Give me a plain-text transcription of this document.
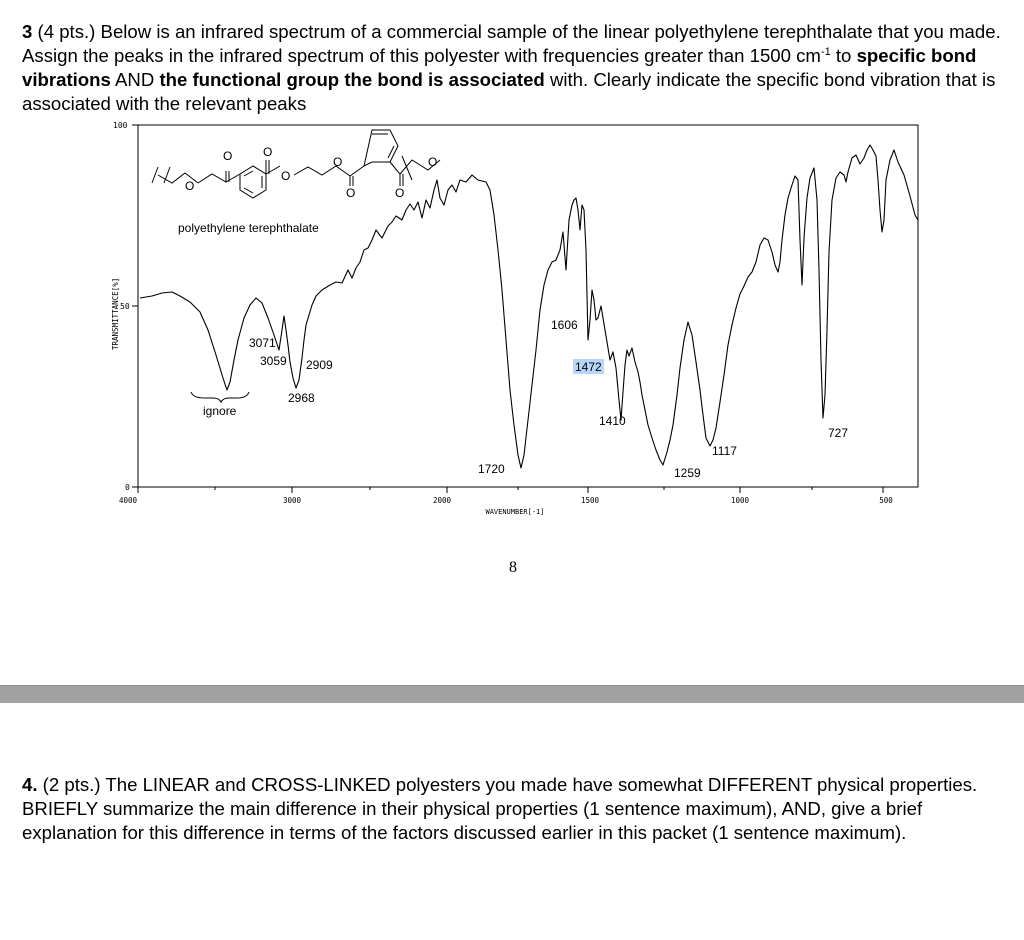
3 (4 pts.) Below is an infrared spectrum of a commercial sample of the linear polyethylene terephthalate that you made. Assign the peaks in the infrared spectrum of this polyester with frequencies greater than 1500 $cm^{-1}$ to specific bond vibrations AND the functional group the bond is associated with. Clearly indicate the specific bond vibration that is associated with the relevant peaks

100
50
0
TRANSMITTANCE[%]
4000	3000	2000	1500	1000	500
WAVENUMBER[-1]
O
O	O
O
O
O	O
O
polyethylene terephthalate
ignore
3071
3059 2909
2968
1720
1606
1472
1410
1259
1117
727
8

4. (2 pts.) The LINEAR and CROSS-LINKED polyesters you made have somewhat DIFFERENT physical properties. BRIEFLY summarize the main difference in their physical properties (1 sentence maximum), AND, give a brief explanation for this difference in terms of the factors discussed earlier in this packet (1 sentence maximum).
